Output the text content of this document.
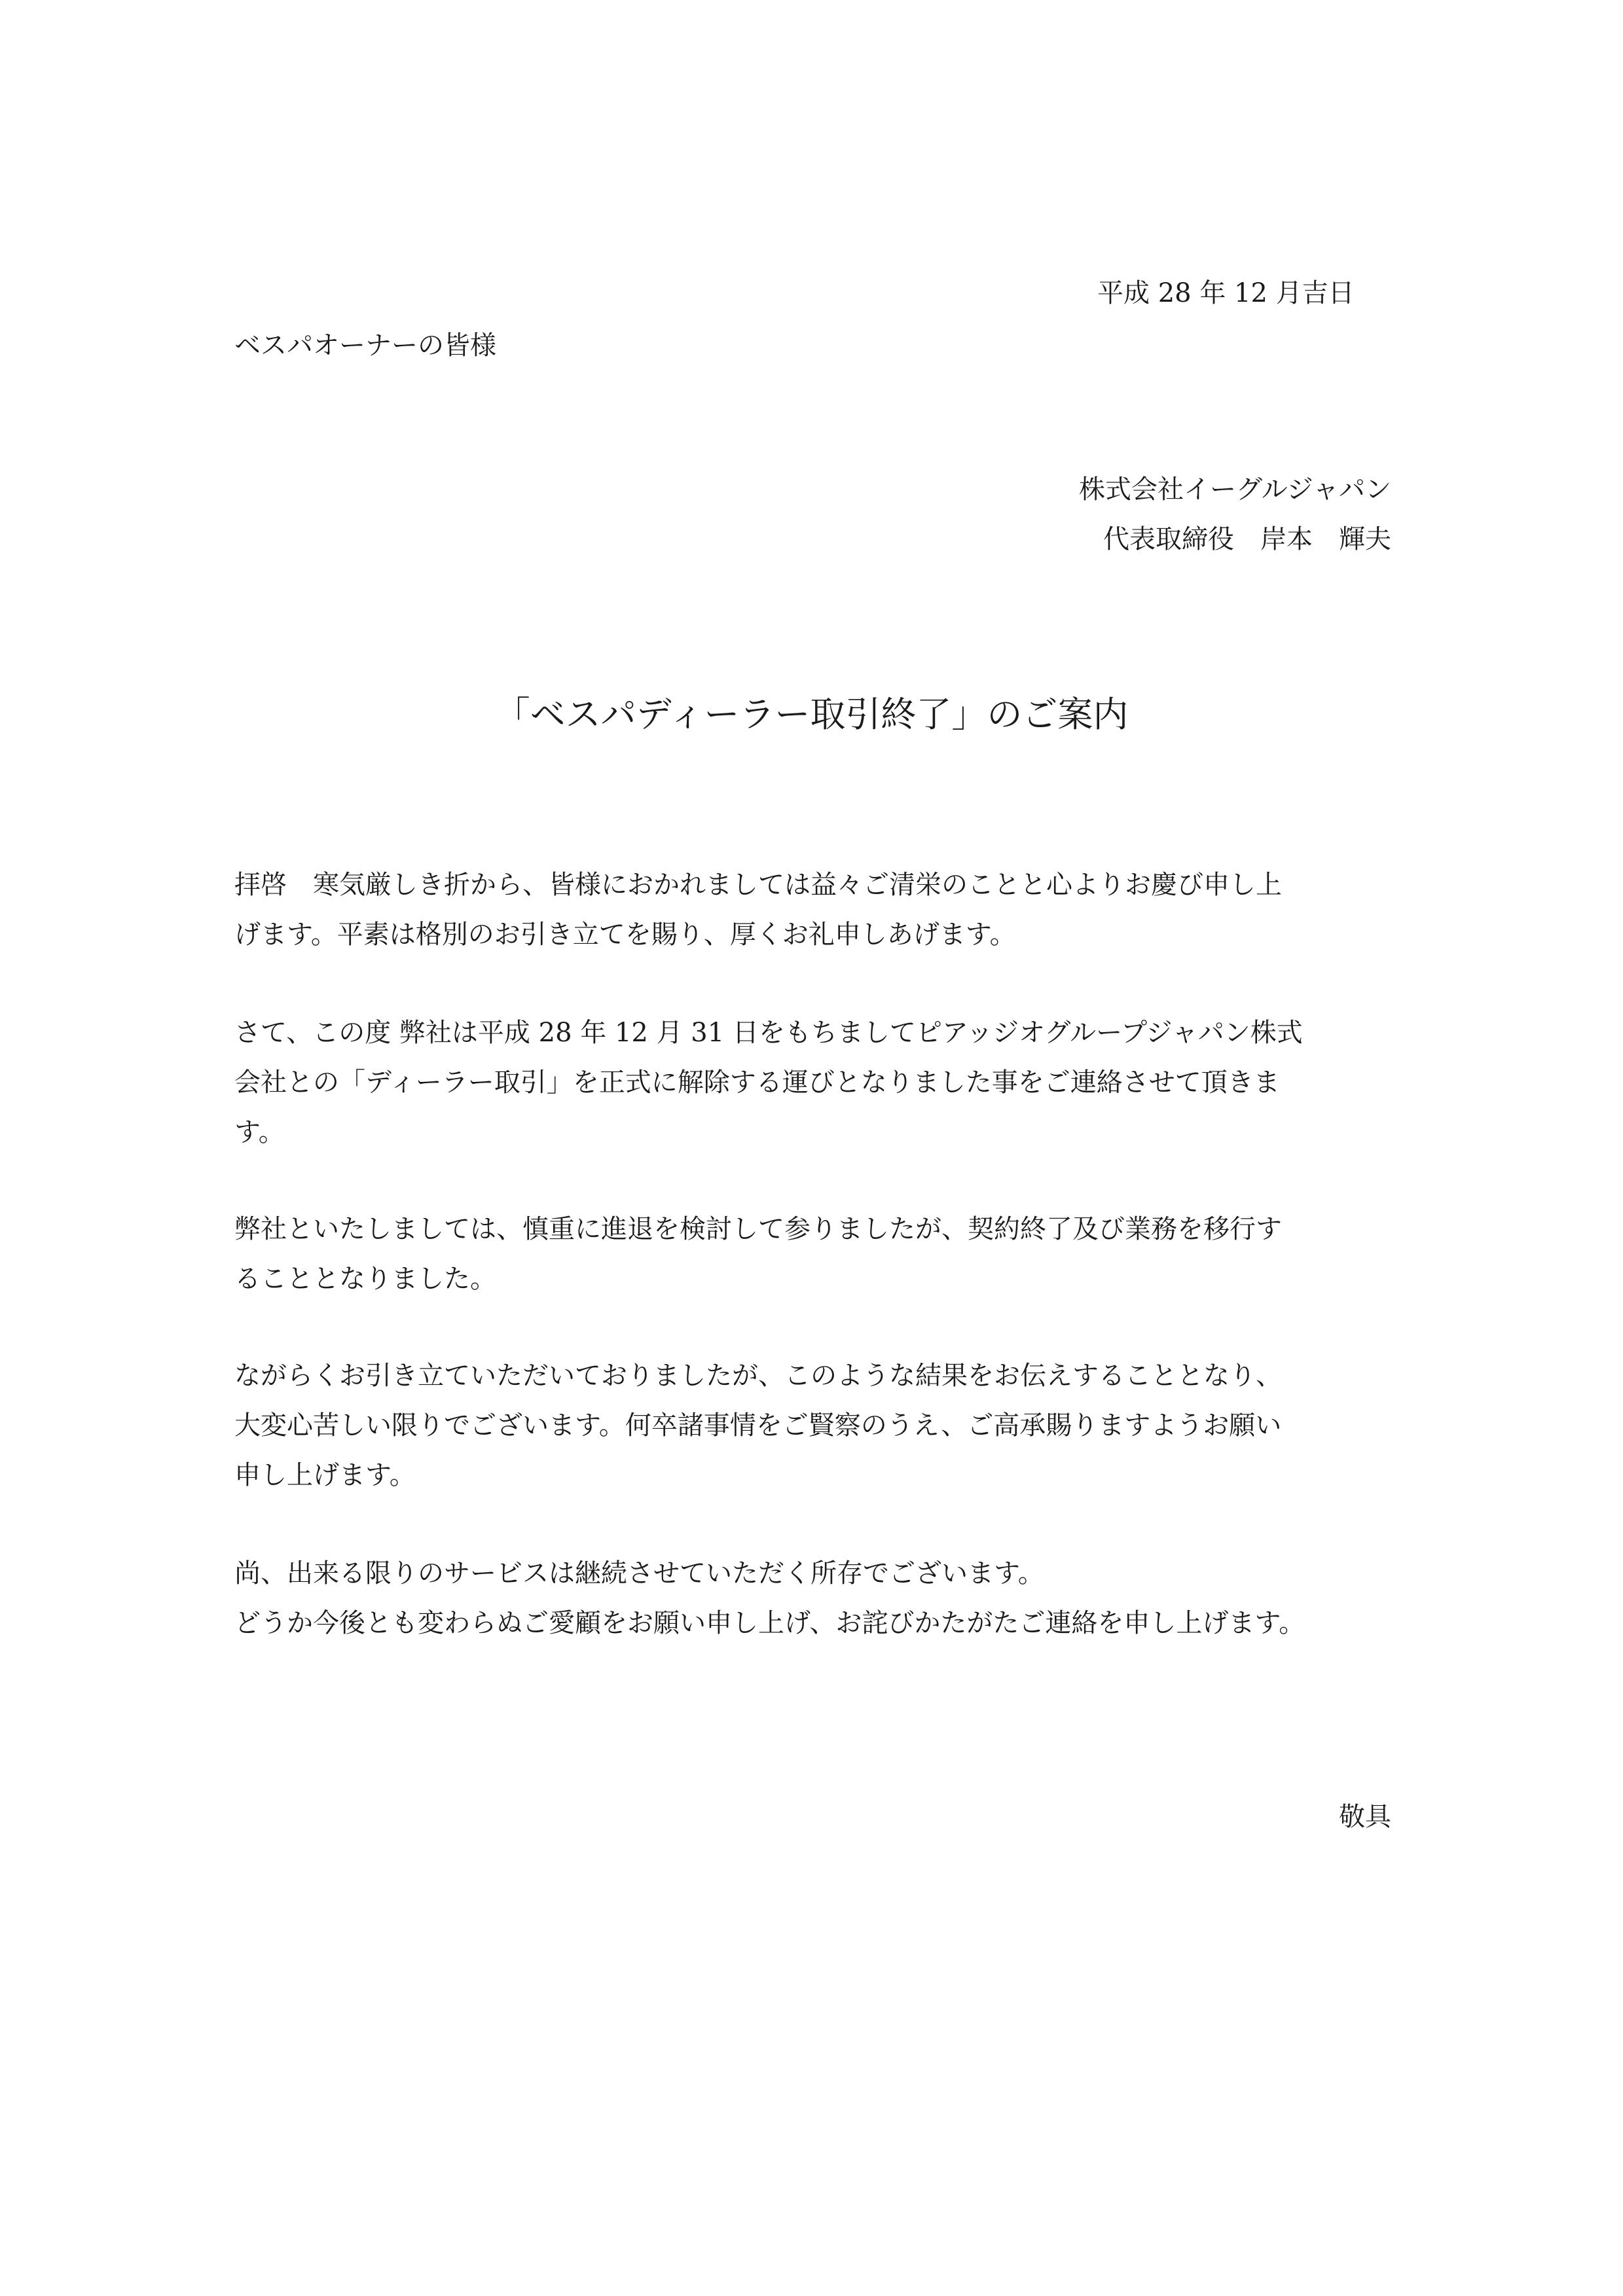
平成 28 年 12 月吉日
ベスパオーナーの皆様
株式会社イーグルジャパン
代表取締役　岸本　輝夫
「ベスパディーラー取引終了」のご案内

拝啓　寒気厳しき折から、皆様におかれましては益々ご清栄のことと心よりお慶び申し上

げます。平素は格別のお引き立てを賜り、厚くお礼申しあげます。

さて、この度 弊社は平成 28 年 12 月 31 日をもちましてピアッジオグループジャパン株式

会社との「ディーラー取引」を正式に解除する運びとなりました事をご連絡させて頂きま

す。

弊社といたしましては、慎重に進退を検討して参りましたが、契約終了及び業務を移行す

ることとなりました。

ながらくお引き立ていただいておりましたが、このような結果をお伝えすることとなり、

大変心苦しい限りでございます。何卒諸事情をご賢察のうえ、ご高承賜りますようお願い

申し上げます。

尚、出来る限りのサービスは継続させていただく所存でございます。

どうか今後とも変わらぬご愛顧をお願い申し上げ、お詫びかたがたご連絡を申し上げます。

敬具
